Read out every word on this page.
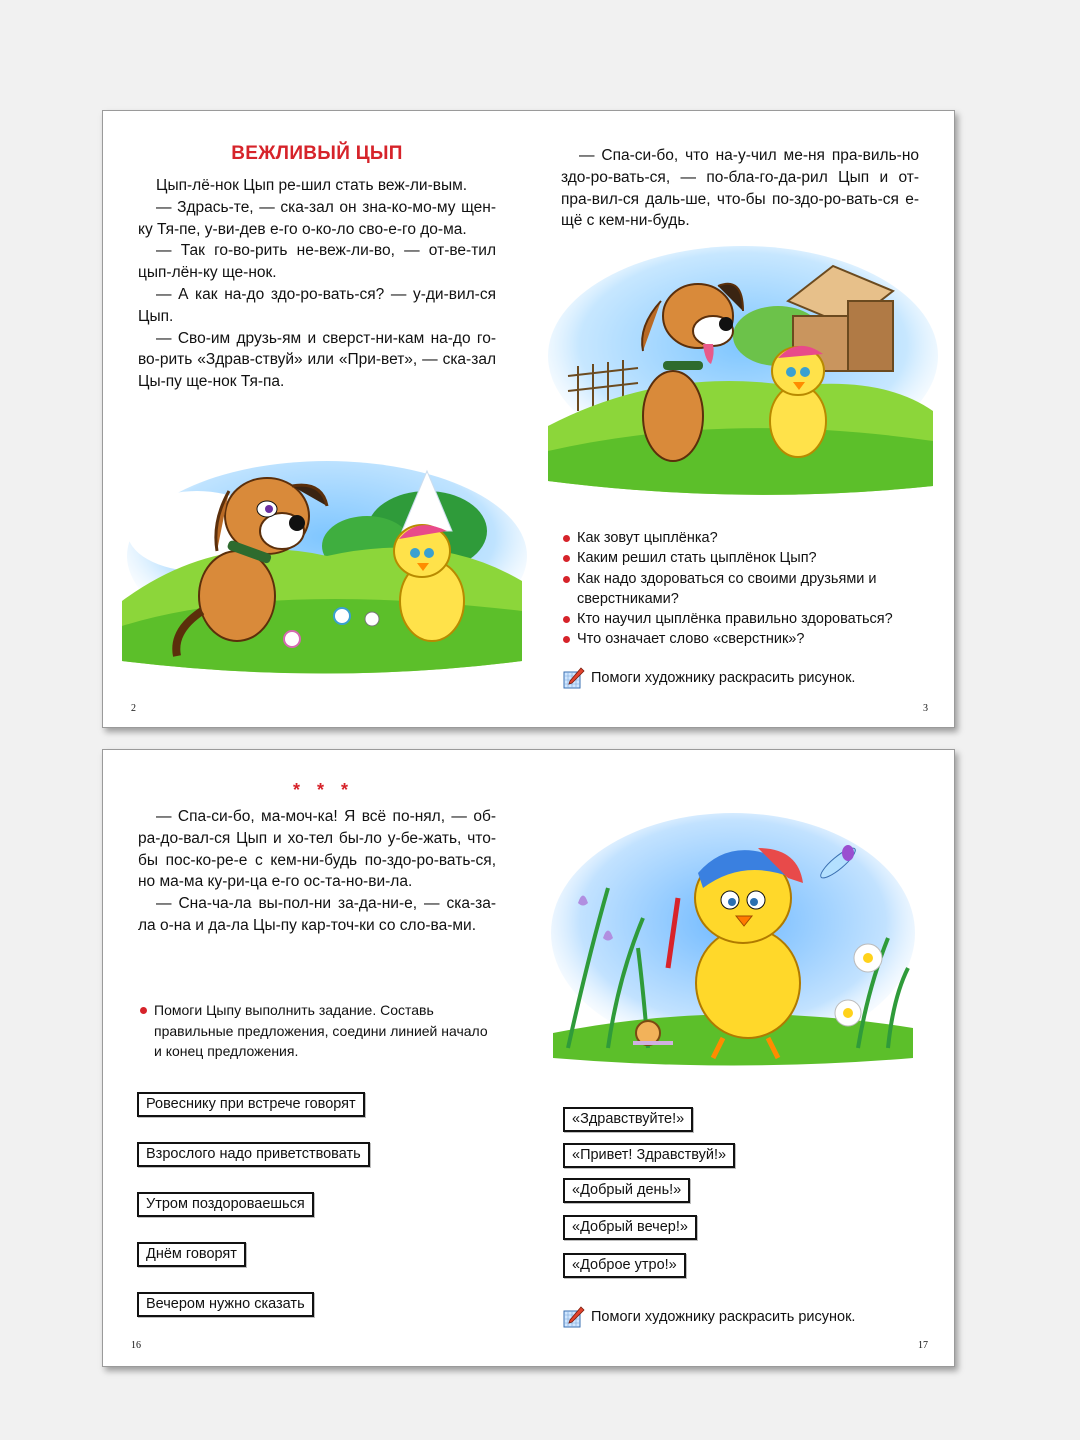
ВЕЖЛИВЫЙ ЦЫП

Цып-лё-нок Цып ре-шил стать веж-ли-вым.

— Здрась-те, — ска-зал он зна-ко-мо-му щен-ку Тя-пе, у-ви-дев е-го о-ко-ло сво-е-го до-ма.

— Так го-во-рить не-веж-ли-во, — от-ве-тил цып-лён-ку ще-нок.

— А как на-до здо-ро-вать-ся? — у-ди-вил-ся Цып.

— Сво-им друзь-ям и сверст-ни-кам на-до го-во-рить «Здрав-ствуй» или «При-вет», — ска-зал Цы-пу ще-нок Тя-па.

2

— Спа-си-бо, что на-у-чил ме-ня пра-виль-но здо-ро-вать-ся, — по-бла-го-да-рил Цып и от-пра-вил-ся даль-ше, что-бы по-здо-ро-вать-ся е-щё с кем-ни-будь.

Как зовут цыплёнка?
Каким решил стать цыплёнок Цып?
Как надо здороваться со своими друзьями и сверстниками?
Кто научил цыплёнка правильно здороваться?
Что означает слово «сверстник»?
Помоги художнику раскрасить рисунок.
3
* * *

— Спа-си-бо, ма-моч-ка! Я всё по-нял, — об-ра-до-вал-ся Цып и хо-тел бы-ло у-бе-жать, что-бы пос-ко-ре-е с кем-ни-будь по-здо-ро-вать-ся, но ма-ма ку-ри-ца е-го ос-та-но-ви-ла.

— Сна-ча-ла вы-пол-ни за-да-ни-е, — ска-за-ла о-на и да-ла Цы-пу кар-точ-ки со сло-ва-ми.

Помоги Цыпу выполнить задание. Составь правильные предложения, соедини линией начало и конец предложения.
Ровеснику при встрече говорят
Взрослого надо приветствовать
Утром поздороваешься
Днём говорят
Вечером нужно сказать
16
«Здравствуйте!»
«Привет! Здравствуй!»
«Добрый день!»
«Добрый вечер!»
«Доброе утро!»
Помоги художнику раскрасить рисунок.
17
